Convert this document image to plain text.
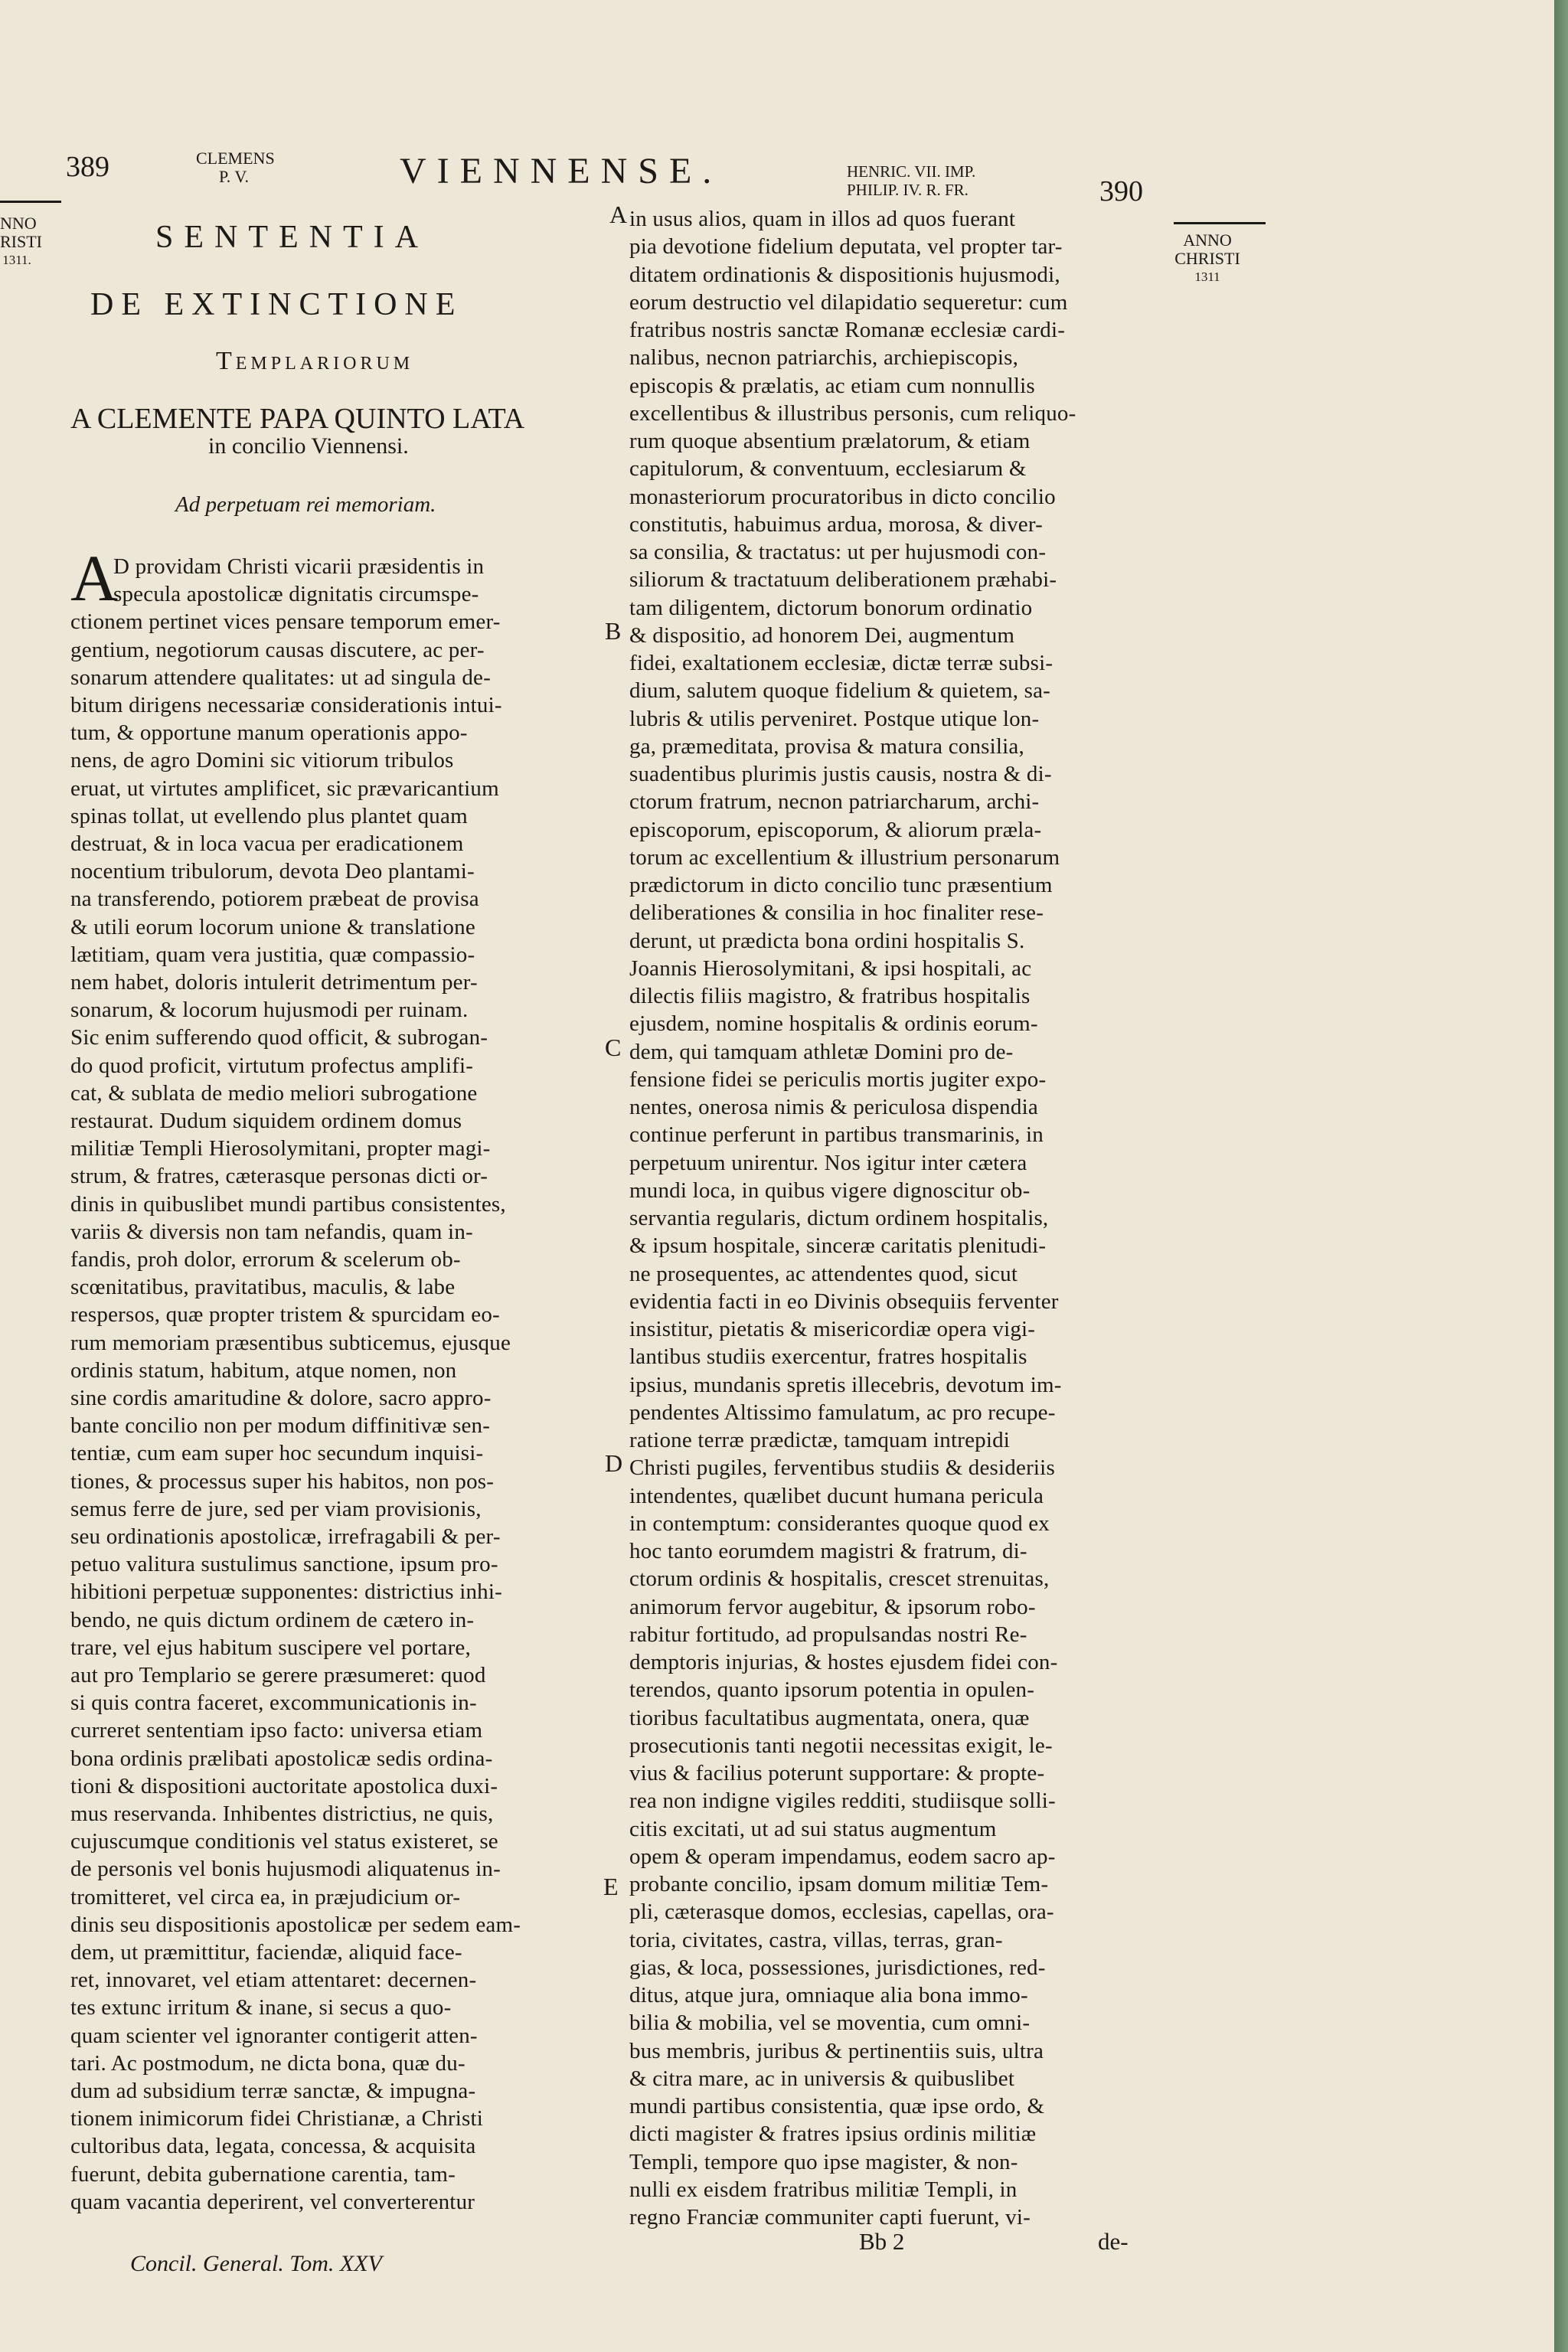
NNO
RISTI
1311.
ANNO
CHRISTI
1311
389	CLEMENS
P. V.	VIENNENSE.	HENRIC. VII. IMP.
PHILIP. IV. R. FR.	390
A
B
C
D
E
SENTENTIA
DE EXTINCTIONE
Templariorum
A CLEMENTE PAPA QUINTO LATA
in concilio Viennensi.
Ad perpetuam rei memoriam.
A
D providam Christi vicarii præsidentis in
specula apostolicæ dignitatis circumspe-
ctionem pertinet vices pensare temporum emer-
gentium, negotiorum causas discutere, ac per-
sonarum attendere qualitates: ut ad singula de-
bitum dirigens necessariæ considerationis intui-
tum, & opportune manum operationis appo-
nens, de agro Domini sic vitiorum tribulos
eruat, ut virtutes amplificet, sic prævaricantium
spinas tollat, ut evellendo plus plantet quam
destruat, & in loca vacua per eradicationem
nocentium tribulorum, devota Deo plantami-
na transferendo, potiorem præbeat de provisa
& utili eorum locorum unione & translatione
lætitiam, quam vera justitia, quæ compassio-
nem habet, doloris intulerit detrimentum per-
sonarum, & locorum hujusmodi per ruinam.
Sic enim sufferendo quod officit, & subrogan-
do quod proficit, virtutum profectus amplifi-
cat, & sublata de medio meliori subrogatione
restaurat. Dudum siquidem ordinem domus
militiæ Templi Hierosolymitani, propter magi-
strum, & fratres, cæterasque personas dicti or-
dinis in quibuslibet mundi partibus consistentes,
variis & diversis non tam nefandis, quam in-
fandis, proh dolor, errorum & scelerum ob-
scœnitatibus, pravitatibus, maculis, & labe
respersos, quæ propter tristem & spurcidam eo-
rum memoriam præsentibus subticemus, ejusque
ordinis statum, habitum, atque nomen, non
sine cordis amaritudine & dolore, sacro appro-
bante concilio non per modum diffinitivæ sen-
tentiæ, cum eam super hoc secundum inquisi-
tiones, & processus super his habitos, non pos-
semus ferre de jure, sed per viam provisionis,
seu ordinationis apostolicæ, irrefragabili & per-
petuo valitura sustulimus sanctione, ipsum pro-
hibitioni perpetuæ supponentes: districtius inhi-
bendo, ne quis dictum ordinem de cætero in-
trare, vel ejus habitum suscipere vel portare,
aut pro Templario se gerere præsumeret: quod
si quis contra faceret, excommunicationis in-
curreret sententiam ipso facto: universa etiam
bona ordinis prælibati apostolicæ sedis ordina-
tioni & dispositioni auctoritate apostolica duxi-
mus reservanda. Inhibentes districtius, ne quis,
cujuscumque conditionis vel status existeret, se
de personis vel bonis hujusmodi aliquatenus in-
tromitteret, vel circa ea, in præjudicium or-
dinis seu dispositionis apostolicæ per sedem eam-
dem, ut præmittitur, faciendæ, aliquid face-
ret, innovaret, vel etiam attentaret: decernen-
tes extunc irritum & inane, si secus a quo-
quam scienter vel ignoranter contigerit atten-
tari. Ac postmodum, ne dicta bona, quæ du-
dum ad subsidium terræ sanctæ, & impugna-
tionem inimicorum fidei Christianæ, a Christi
cultoribus data, legata, concessa, & acquisita
fuerunt, debita gubernatione carentia, tam-
quam vacantia deperirent, vel converterentur
in usus alios, quam in illos ad quos fuerant
pia devotione fidelium deputata, vel propter tar-
ditatem ordinationis & dispositionis hujusmodi,
eorum destructio vel dilapidatio sequeretur: cum
fratribus nostris sanctæ Romanæ ecclesiæ cardi-
nalibus, necnon patriarchis, archiepiscopis,
episcopis & prælatis, ac etiam cum nonnullis
excellentibus & illustribus personis, cum reliquo-
rum quoque absentium prælatorum, & etiam
capitulorum, & conventuum, ecclesiarum &
monasteriorum procuratoribus in dicto concilio
constitutis, habuimus ardua, morosa, & diver-
sa consilia, & tractatus: ut per hujusmodi con-
siliorum & tractatuum deliberationem præhabi-
tam diligentem, dictorum bonorum ordinatio
& dispositio, ad honorem Dei, augmentum
fidei, exaltationem ecclesiæ, dictæ terræ subsi-
dium, salutem quoque fidelium & quietem, sa-
lubris & utilis perveniret. Postque utique lon-
ga, præmeditata, provisa & matura consilia,
suadentibus plurimis justis causis, nostra & di-
ctorum fratrum, necnon patriarcharum, archi-
episcoporum, episcoporum, & aliorum præla-
torum ac excellentium & illustrium personarum
prædictorum in dicto concilio tunc præsentium
deliberationes & consilia in hoc finaliter rese-
derunt, ut prædicta bona ordini hospitalis S.
Joannis Hierosolymitani, & ipsi hospitali, ac
dilectis filiis magistro, & fratribus hospitalis
ejusdem, nomine hospitalis & ordinis eorum-
dem, qui tamquam athletæ Domini pro de-
fensione fidei se periculis mortis jugiter expo-
nentes, onerosa nimis & periculosa dispendia
continue perferunt in partibus transmarinis, in
perpetuum unirentur. Nos igitur inter cætera
mundi loca, in quibus vigere dignoscitur ob-
servantia regularis, dictum ordinem hospitalis,
& ipsum hospitale, sinceræ caritatis plenitudi-
ne prosequentes, ac attendentes quod, sicut
evidentia facti in eo Divinis obsequiis ferventer
insistitur, pietatis & misericordiæ opera vigi-
lantibus studiis exercentur, fratres hospitalis
ipsius, mundanis spretis illecebris, devotum im-
pendentes Altissimo famulatum, ac pro recupe-
ratione terræ prædictæ, tamquam intrepidi
Christi pugiles, ferventibus studiis & desideriis
intendentes, quælibet ducunt humana pericula
in contemptum: considerantes quoque quod ex
hoc tanto eorumdem magistri & fratrum, di-
ctorum ordinis & hospitalis, crescet strenuitas,
animorum fervor augebitur, & ipsorum robo-
rabitur fortitudo, ad propulsandas nostri Re-
demptoris injurias, & hostes ejusdem fidei con-
terendos, quanto ipsorum potentia in opulen-
tioribus facultatibus augmentata, onera, quæ
prosecutionis tanti negotii necessitas exigit, le-
vius & facilius poterunt supportare: & propte-
rea non indigne vigiles redditi, studiisque solli-
citis excitati, ut ad sui status augmentum
opem & operam impendamus, eodem sacro ap-
probante concilio, ipsam domum militiæ Tem-
pli, cæterasque domos, ecclesias, capellas, ora-
toria, civitates, castra, villas, terras, gran-
gias, & loca, possessiones, jurisdictiones, red-
ditus, atque jura, omniaque alia bona immo-
bilia & mobilia, vel se moventia, cum omni-
bus membris, juribus & pertinentiis suis, ultra
& citra mare, ac in universis & quibuslibet
mundi partibus consistentia, quæ ipse ordo, &
dicti magister & fratres ipsius ordinis militiæ
Templi, tempore quo ipse magister, & non-
nulli ex eisdem fratribus militiæ Templi, in
regno Franciæ communiter capti fuerunt, vi-
Concil. General. Tom. XXV
Bb 2	de-
